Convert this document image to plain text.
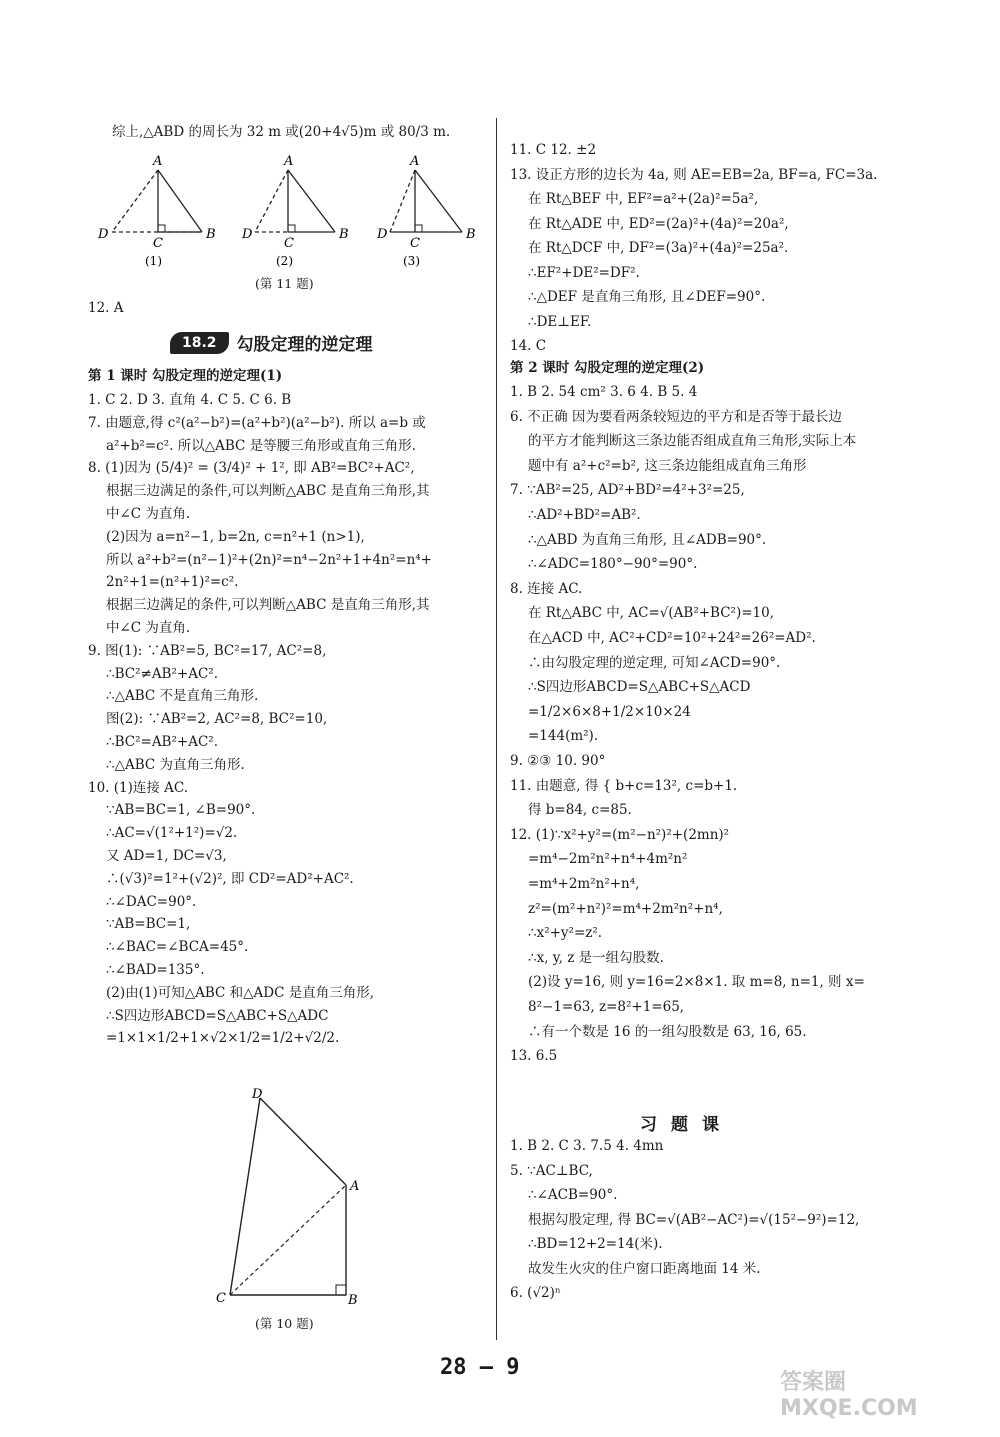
综上,△ABD 的周长为 32 m 或(20+4√5)m 或 80/3 m.
A
D
C
B
(1)
A
D
C
B
(2)
A
D
C
B
(3)
(第 11 题)
12. A
18.2	勾股定理的逆定理
第 1 课时 勾股定理的逆定理(1)
1. C 2. D 3. 直角 4. C 5. C 6. B
7. 由题意,得 c²(a²−b²)=(a²+b²)(a²−b²). 所以 a=b 或
a²+b²=c². 所以△ABC 是等腰三角形或直角三角形.
8. (1)因为 (5/4)² = (3/4)² + 1², 即 AB²=BC²+AC²,
根据三边满足的条件,可以判断△ABC 是直角三角形,其
中∠C 为直角.
(2)因为 a=n²−1, b=2n, c=n²+1 (n>1),
所以 a²+b²=(n²−1)²+(2n)²=n⁴−2n²+1+4n²=n⁴+
2n²+1=(n²+1)²=c².
根据三边满足的条件,可以判断△ABC 是直角三角形,其
中∠C 为直角.
9. 图(1): ∵AB²=5, BC²=17, AC²=8,
∴BC²≠AB²+AC².
∴△ABC 不是直角三角形.
图(2): ∵AB²=2, AC²=8, BC²=10,
∴BC²=AB²+AC².
∴△ABC 为直角三角形.
10. (1)连接 AC.
∵AB=BC=1, ∠B=90°.
∴AC=√(1²+1²)=√2.
又 AD=1, DC=√3,
∴(√3)²=1²+(√2)², 即 CD²=AD²+AC².
∴∠DAC=90°.
∵AB=BC=1,
∴∠BAC=∠BCA=45°.
∴∠BAD=135°.
(2)由(1)可知△ABC 和△ADC 是直角三角形,
∴S四边形ABCD=S△ABC+S△ADC
=1×1×1/2+1×√2×1/2=1/2+√2/2.
D
A
C	B
(第 10 题)
11. C 12. ±2
13. 设正方形的边长为 4a, 则 AE=EB=2a, BF=a, FC=3a.
在 Rt△BEF 中, EF²=a²+(2a)²=5a²,
在 Rt△ADE 中, ED²=(2a)²+(4a)²=20a²,
在 Rt△DCF 中, DF²=(3a)²+(4a)²=25a².
∴EF²+DE²=DF².
∴△DEF 是直角三角形, 且∠DEF=90°.
∴DE⊥EF.
14. C
第 2 课时 勾股定理的逆定理(2)
1. B 2. 54 cm² 3. 6 4. B 5. 4
6. 不正确 因为要看两条较短边的平方和是否等于最长边
的平方才能判断这三条边能否组成直角三角形,实际上本
题中有 a²+c²=b², 这三条边能组成直角三角形
7. ∵AB²=25, AD²+BD²=4²+3²=25,
∴AD²+BD²=AB².
∴△ABD 为直角三角形, 且∠ADB=90°.
∴∠ADC=180°−90°=90°.
8. 连接 AC.
在 Rt△ABC 中, AC=√(AB²+BC²)=10,
在△ACD 中, AC²+CD²=10²+24²=26²=AD².
∴由勾股定理的逆定理, 可知∠ACD=90°.
∴S四边形ABCD=S△ABC+S△ACD
=1/2×6×8+1/2×10×24
=144(m²).
9. ②③ 10. 90°
11. 由题意, 得 { b+c=13², c=b+1.
得 b=84, c=85.
12. (1)∵x²+y²=(m²−n²)²+(2mn)²
=m⁴−2m²n²+n⁴+4m²n²
=m⁴+2m²n²+n⁴,
z²=(m²+n²)²=m⁴+2m²n²+n⁴,
∴x²+y²=z².
∴x, y, z 是一组勾股数.
(2)设 y=16, 则 y=16=2×8×1. 取 m=8, n=1, 则 x=
8²−1=63, z=8²+1=65,
∴有一个数是 16 的一组勾股数是 63, 16, 65.
13. 6.5
习题课
1. B 2. C 3. 7.5 4. 4mn
5. ∵AC⊥BC,
∴∠ACB=90°.
根据勾股定理, 得 BC=√(AB²−AC²)=√(15²−9²)=12,
∴BD=12+2=14(米).
故发生火灾的住户窗口距离地面 14 米.
6. (√2)ⁿ
28 — 9
答案圈
MXQE.COM
